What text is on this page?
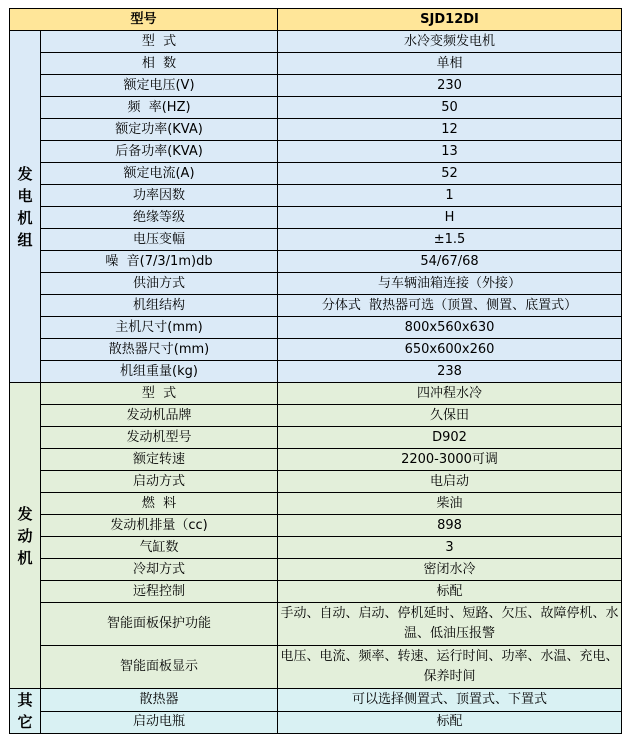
型号		SJD12DI
发电机组	型  式	水冷变频发电机
	相  数	单相
	额定电压(V)	230
	频  率(HZ)	50
	额定功率(KVA)	12
	后备功率(KVA)	13
	额定电流(A)	52
	功率因数	1
	绝缘等级	H
	电压变幅	±1.5
	噪  音(7/3/1m)db	54/67/68
	供油方式	与车辆油箱连接（外接）
	机组结构	分体式  散热器可选（顶置、侧置、底置式）
	主机尺寸(mm)	800x560x630
	散热器尺寸(mm)	650x600x260
	机组重量(kg)	238
发动机	型  式	四冲程水冷
	发动机品牌	久保田
	发动机型号	D902
	额定转速	2200-3000可调
	启动方式	电启动
	燃  料	柴油
	发动机排量（cc)	898
	气缸数	3
	冷却方式	密闭水冷
	远程控制	标配
	智能面板保护功能	手动、自动、启动、停机延时、短路、欠压、故障停机、水温、低油压报警
	智能面板显示	电压、电流、频率、转速、运行时间、功率、水温、充电、保养时间
其它	散热器	可以选择侧置式、顶置式、下置式
	启动电瓶	标配
